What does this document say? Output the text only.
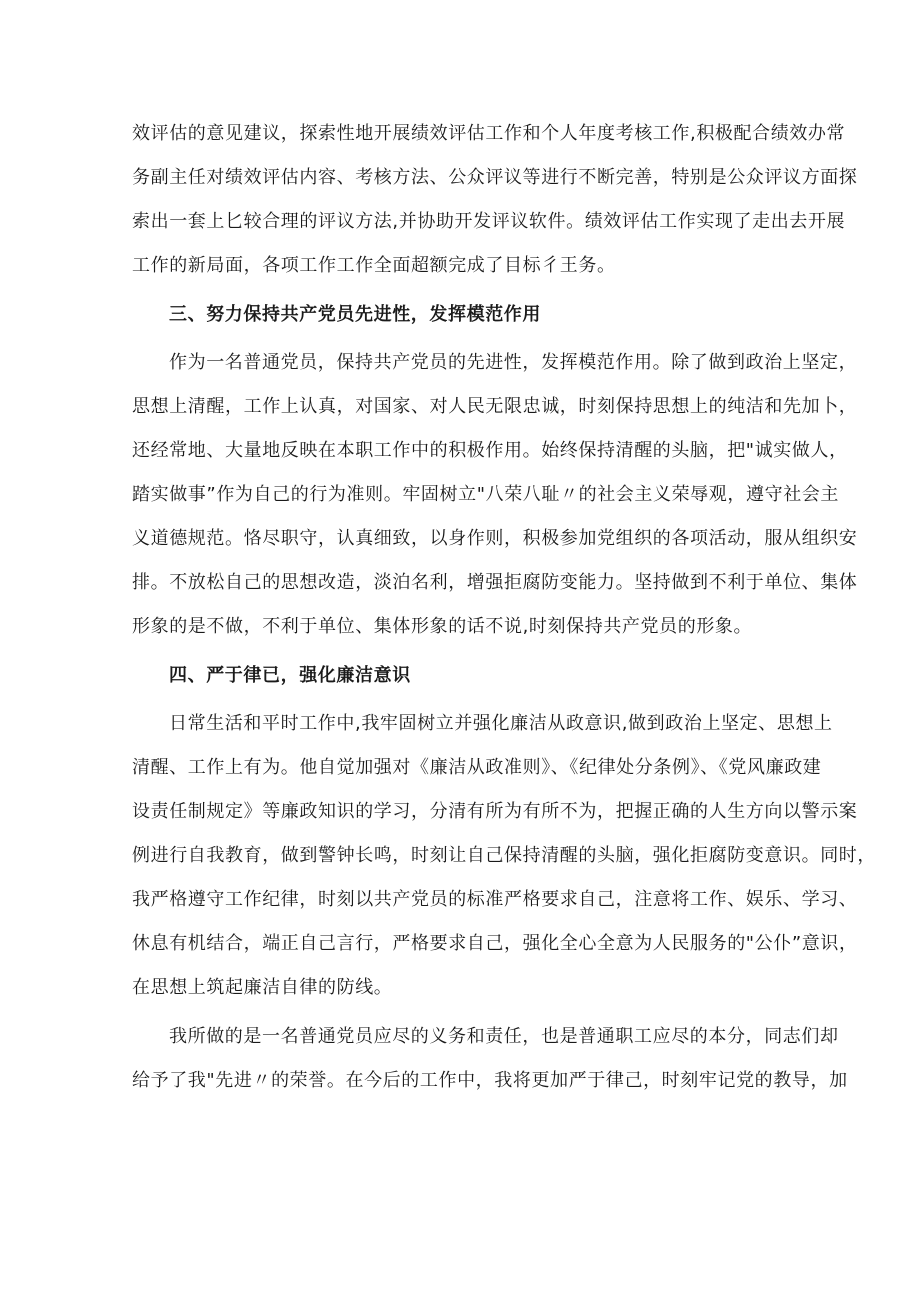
效评估的意见建议，探索性地开展绩效评估工作和个人年度考核工作,积极配合绩效办常
务副主任对绩效评估内容、考核方法、公众评议等进行不断完善，特别是公众评议方面探
索出一套上匕较合理的评议方法,并协助开发评议软件。绩效评估工作实现了走出去开展
工作的新局面，各项工作工作全面超额完成了目标彳王务。
三、努力保持共产党员先进性，发挥模范作用
作为一名普通党员，保持共产党员的先进性，发挥模范作用。除了做到政治上坚定，
思想上清醒，工作上认真，对国家、对人民无限忠诚，时刻保持思想上的纯洁和先加卜，
还经常地、大量地反映在本职工作中的积极作用。始终保持清醒的头脑，把"诚实做人，
踏实做事”作为自己的行为准则。牢固树立"八荣八耻〃的社会主义荣辱观，遵守社会主
义道德规范。恪尽职守，认真细致，以身作则，积极参加党组织的各项活动，服从组织安
排。不放松自己的思想改造，淡泊名利，增强拒腐防变能力。坚持做到不利于单位、集体
形象的是不做，不利于单位、集体形象的话不说,时刻保持共产党员的形象。
四、严于律已，强化廉洁意识
日常生活和平时工作中,我牢固树立并强化廉洁从政意识,做到政治上坚定、思想上
清醒、工作上有为。他自觉加强对《廉洁从政准则》、《纪律处分条例》、《党风廉政建
设责任制规定》等廉政知识的学习，分清有所为有所不为，把握正确的人生方向以警示案
例进行自我教育，做到警钟长鸣，时刻让自己保持清醒的头脑，强化拒腐防变意识。同时，
我严格遵守工作纪律，时刻以共产党员的标准严格要求自己，注意将工作、娱乐、学习、
休息有机结合，端正自己言行，严格要求自己，强化全心全意为人民服务的"公仆”意识，
在思想上筑起廉洁自律的防线。
我所做的是一名普通党员应尽的义务和责任，也是普通职工应尽的本分，同志们却
给予了我"先进〃的荣誉。在今后的工作中，我将更加严于律己，时刻牢记党的教导，加
